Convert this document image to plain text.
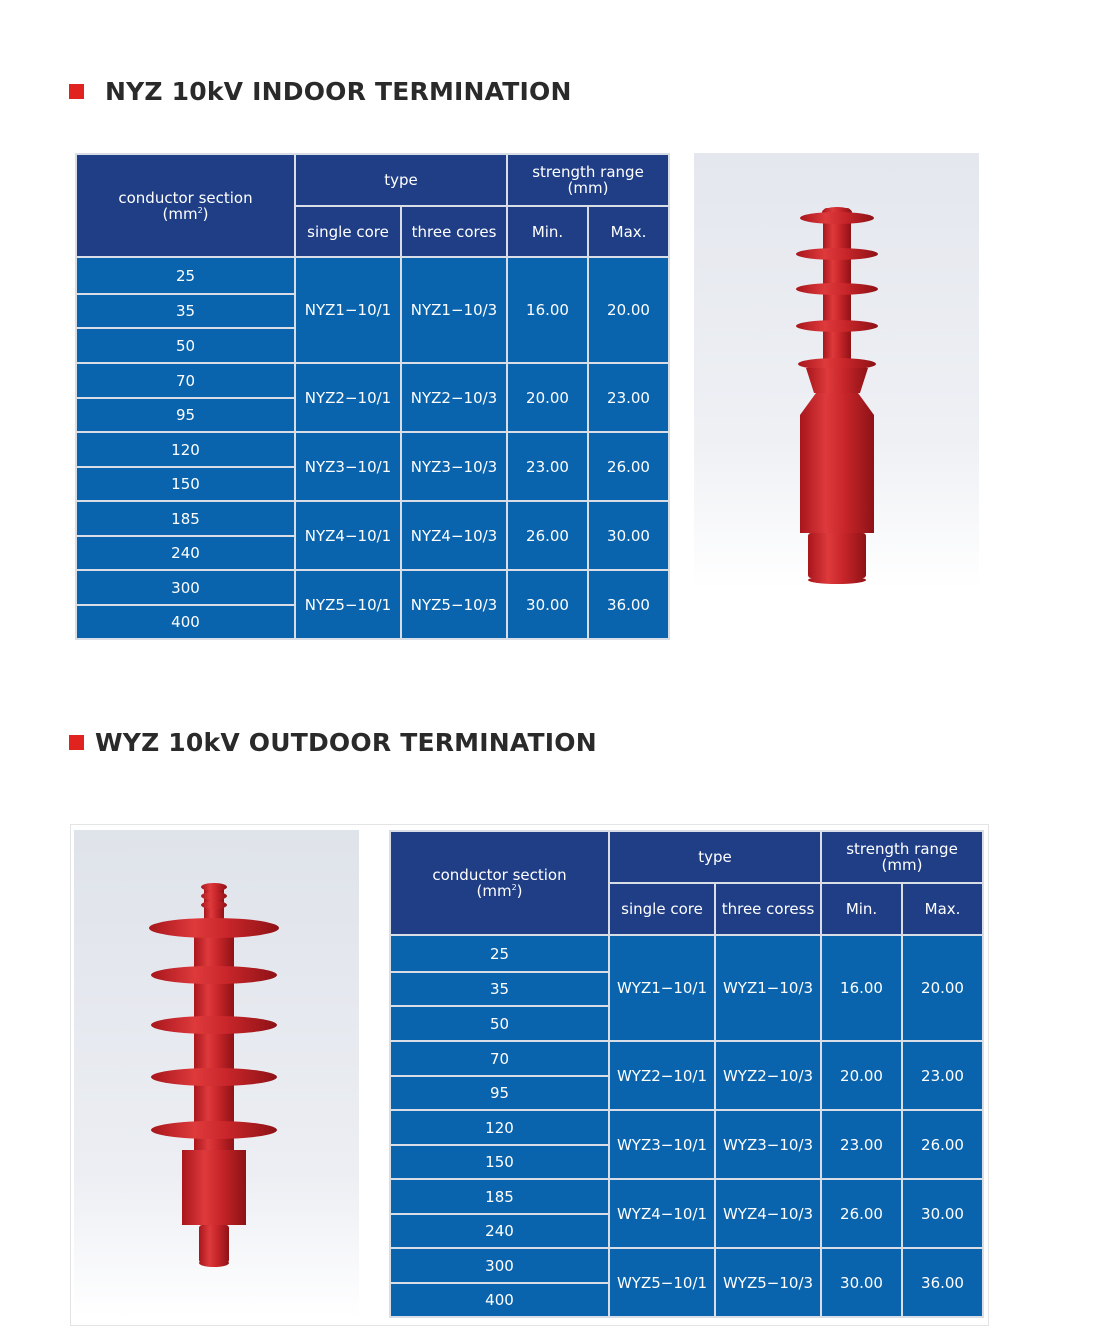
NYZ 10kV INDOOR TERMINATION
conductor section
$(mm^2)$	type		strength range
(mm)	
	single core	three cores	Min.	Max.
25	NYZ1−10/1	NYZ1−10/3	16.00	20.00
35				
50				
70	NYZ2−10/1	NYZ2−10/3	20.00	23.00
95				
120	NYZ3−10/1	NYZ3−10/3	23.00	26.00
150				
185	NYZ4−10/1	NYZ4−10/3	26.00	30.00
240				
300	NYZ5−10/1	NYZ5−10/3	30.00	36.00
400				
WYZ 10kV OUTDOOR TERMINATION
conductor section
$(mm^2)$	type		strength range
(mm)	
	single core	three coress	Min.	Max.
25	WYZ1−10/1	WYZ1−10/3	16.00	20.00
35				
50				
70	WYZ2−10/1	WYZ2−10/3	20.00	23.00
95				
120	WYZ3−10/1	WYZ3−10/3	23.00	26.00
150				
185	WYZ4−10/1	WYZ4−10/3	26.00	30.00
240				
300	WYZ5−10/1	WYZ5−10/3	30.00	36.00
400				
